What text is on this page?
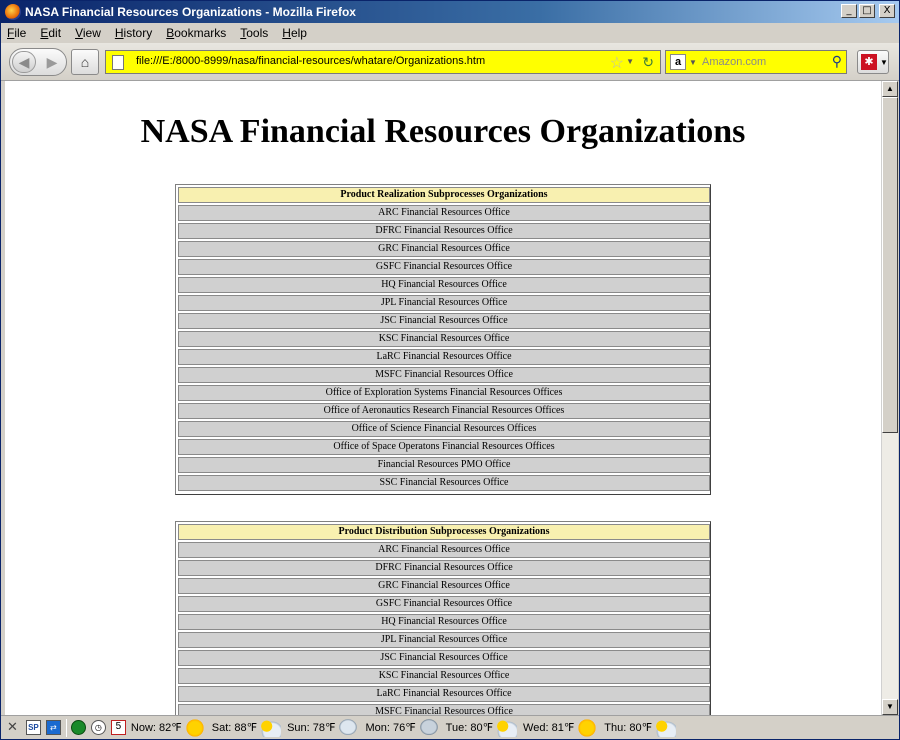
NASA Financial Resources Organizations - Mozilla Firefox	_	□	X
File Edit View History Bookmarks Tools Help
◀	▶	⌂	file:///E:/8000-8999/nasa/financial-resources/whatare/Organizations.htm	☆ ▼ ↻	a ▼ Amazon.com	⚲	✱ ▼
NASA Financial Resources Organizations
Product Realization Subprocesses Organizations
ARC Financial Resources Office
DFRC Financial Resources Office
GRC Financial Resources Office
GSFC Financial Resources Office
HQ Financial Resources Office
JPL Financial Resources Office
JSC Financial Resources Office
KSC Financial Resources Office
LaRC Financial Resources Office
MSFC Financial Resources Office
Office of Exploration Systems Financial Resources Offices
Office of Aeronautics Research Financial Resources Offices
Office of Science Financial Resources Offices
Office of Space Operatons Financial Resources Offices
Financial Resources PMO Office
SSC Financial Resources Office
Product Distribution Subprocesses Organizations
ARC Financial Resources Office
DFRC Financial Resources Office
GRC Financial Resources Office
GSFC Financial Resources Office
HQ Financial Resources Office
JPL Financial Resources Office
JSC Financial Resources Office
KSC Financial Resources Office
LaRC Financial Resources Office
MSFC Financial Resources Office
▲
▼
✕ SP	⇄	◷	5 Now: 82℉	Sat: 88℉	Sun: 78℉	Mon: 76℉	Tue: 80℉	Wed: 81℉	Thu: 80℉
